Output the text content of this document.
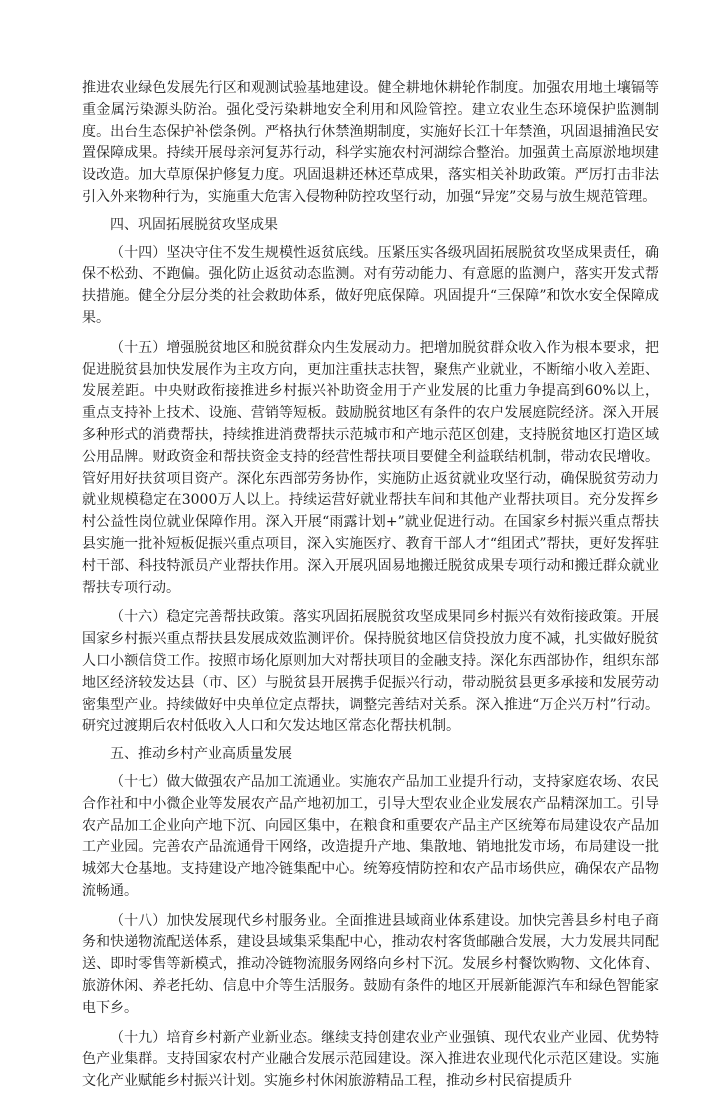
推进农业绿色发展先行区和观测试验基地建设。健全耕地休耕轮作制度。加强农用地土壤镉等重金属污染源头防治。强化受污染耕地安全利用和风险管控。建立农业生态环境保护监测制度。出台生态保护补偿条例。严格执行休禁渔期制度，实施好长江十年禁渔，巩固退捕渔民安置保障成果。持续开展母亲河复苏行动，科学实施农村河湖综合整治。加强黄土高原淤地坝建设改造。加大草原保护修复力度。巩固退耕还林还草成果，落实相关补助政策。严厉打击非法引入外来物种行为，实施重大危害入侵物种防控攻坚行动，加强“异宠”交易与放生规范管理。

四、巩固拓展脱贫攻坚成果

（十四）坚决守住不发生规模性返贫底线。压紧压实各级巩固拓展脱贫攻坚成果责任，确保不松劲、不跑偏。强化防止返贫动态监测。对有劳动能力、有意愿的监测户，落实开发式帮扶措施。健全分层分类的社会救助体系，做好兜底保障。巩固提升“三保障”和饮水安全保障成果。

（十五）增强脱贫地区和脱贫群众内生发展动力。把增加脱贫群众收入作为根本要求，把促进脱贫县加快发展作为主攻方向，更加注重扶志扶智，聚焦产业就业，不断缩小收入差距、发展差距。中央财政衔接推进乡村振兴补助资金用于产业发展的比重力争提高到60%以上，重点支持补上技术、设施、营销等短板。鼓励脱贫地区有条件的农户发展庭院经济。深入开展多种形式的消费帮扶，持续推进消费帮扶示范城市和产地示范区创建，支持脱贫地区打造区域公用品牌。财政资金和帮扶资金支持的经营性帮扶项目要健全利益联结机制，带动农民增收。管好用好扶贫项目资产。深化东西部劳务协作，实施防止返贫就业攻坚行动，确保脱贫劳动力就业规模稳定在3000万人以上。持续运营好就业帮扶车间和其他产业帮扶项目。充分发挥乡村公益性岗位就业保障作用。深入开展“雨露计划+”就业促进行动。在国家乡村振兴重点帮扶县实施一批补短板促振兴重点项目，深入实施医疗、教育干部人才“组团式”帮扶，更好发挥驻村干部、科技特派员产业帮扶作用。深入开展巩固易地搬迁脱贫成果专项行动和搬迁群众就业帮扶专项行动。

（十六）稳定完善帮扶政策。落实巩固拓展脱贫攻坚成果同乡村振兴有效衔接政策。开展国家乡村振兴重点帮扶县发展成效监测评价。保持脱贫地区信贷投放力度不减，扎实做好脱贫人口小额信贷工作。按照市场化原则加大对帮扶项目的金融支持。深化东西部协作，组织东部地区经济较发达县（市、区）与脱贫县开展携手促振兴行动，带动脱贫县更多承接和发展劳动密集型产业。持续做好中央单位定点帮扶，调整完善结对关系。深入推进“万企兴万村”行动。研究过渡期后农村低收入人口和欠发达地区常态化帮扶机制。

五、推动乡村产业高质量发展

（十七）做大做强农产品加工流通业。实施农产品加工业提升行动，支持家庭农场、农民合作社和中小微企业等发展农产品产地初加工，引导大型农业企业发展农产品精深加工。引导农产品加工企业向产地下沉、向园区集中，在粮食和重要农产品主产区统筹布局建设农产品加工产业园。完善农产品流通骨干网络，改造提升产地、集散地、销地批发市场，布局建设一批城郊大仓基地。支持建设产地冷链集配中心。统筹疫情防控和农产品市场供应，确保农产品物流畅通。

（十八）加快发展现代乡村服务业。全面推进县域商业体系建设。加快完善县乡村电子商务和快递物流配送体系，建设县域集采集配中心，推动农村客货邮融合发展，大力发展共同配送、即时零售等新模式，推动冷链物流服务网络向乡村下沉。发展乡村餐饮购物、文化体育、旅游休闲、养老托幼、信息中介等生活服务。鼓励有条件的地区开展新能源汽车和绿色智能家电下乡。

（十九）培育乡村新产业新业态。继续支持创建农业产业强镇、现代农业产业园、优势特色产业集群。支持国家农村产业融合发展示范园建设。深入推进农业现代化示范区建设。实施文化产业赋能乡村振兴计划。实施乡村休闲旅游精品工程，推动乡村民宿提质升
